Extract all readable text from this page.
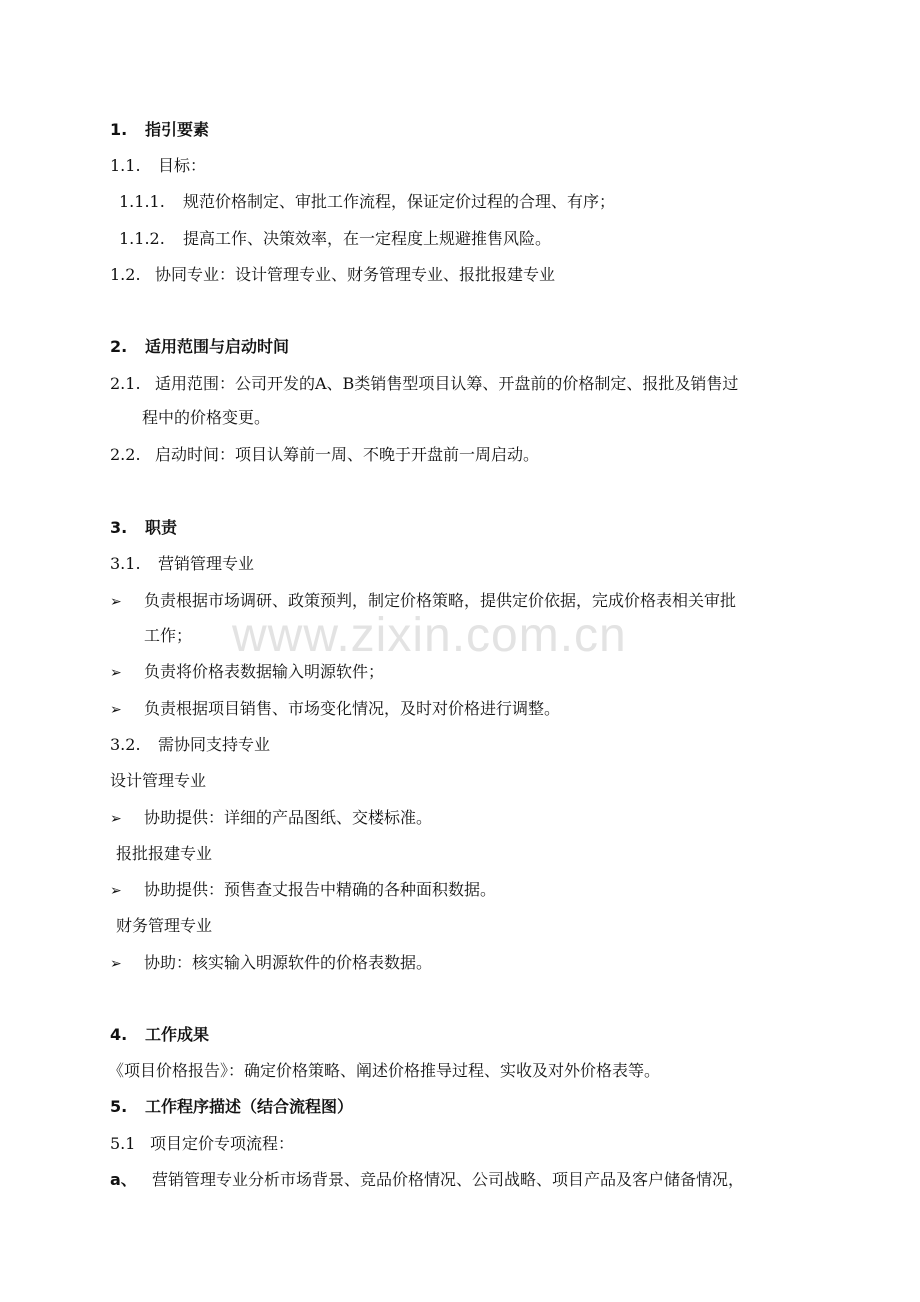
www.zixin.com.cn
1. 指引要素
1.1. 目标：
1.1.1. 规范价格制定、审批工作流程，保证定价过程的合理、有序；
1.1.2. 提高工作、决策效率，在一定程度上规避推售风险。
1.2. 协同专业：设计管理专业、财务管理专业、报批报建专业
2. 适用范围与启动时间
2.1. 适用范围：公司开发的A、B类销售型项目认筹、开盘前的价格制定、报批及销售过
程中的价格变更。
2.2. 启动时间：项目认筹前一周、不晚于开盘前一周启动。
3. 职责
3.1. 营销管理专业
➢ 负责根据市场调研、政策预判，制定价格策略，提供定价依据，完成价格表相关审批
工作；
➢ 负责将价格表数据输入明源软件；
➢ 负责根据项目销售、市场变化情况，及时对价格进行调整。
3.2. 需协同支持专业
设计管理专业
➢ 协助提供：详细的产品图纸、交楼标准。
报批报建专业
➢ 协助提供：预售查丈报告中精确的各种面积数据。
财务管理专业
➢ 协助：核实输入明源软件的价格表数据。
4. 工作成果
《项目价格报告》：确定价格策略、阐述价格推导过程、实收及对外价格表等。
5. 工作程序描述（结合流程图）
5.1 项目定价专项流程：
a、 营销管理专业分析市场背景、竞品价格情况、公司战略、项目产品及客户储备情况，
